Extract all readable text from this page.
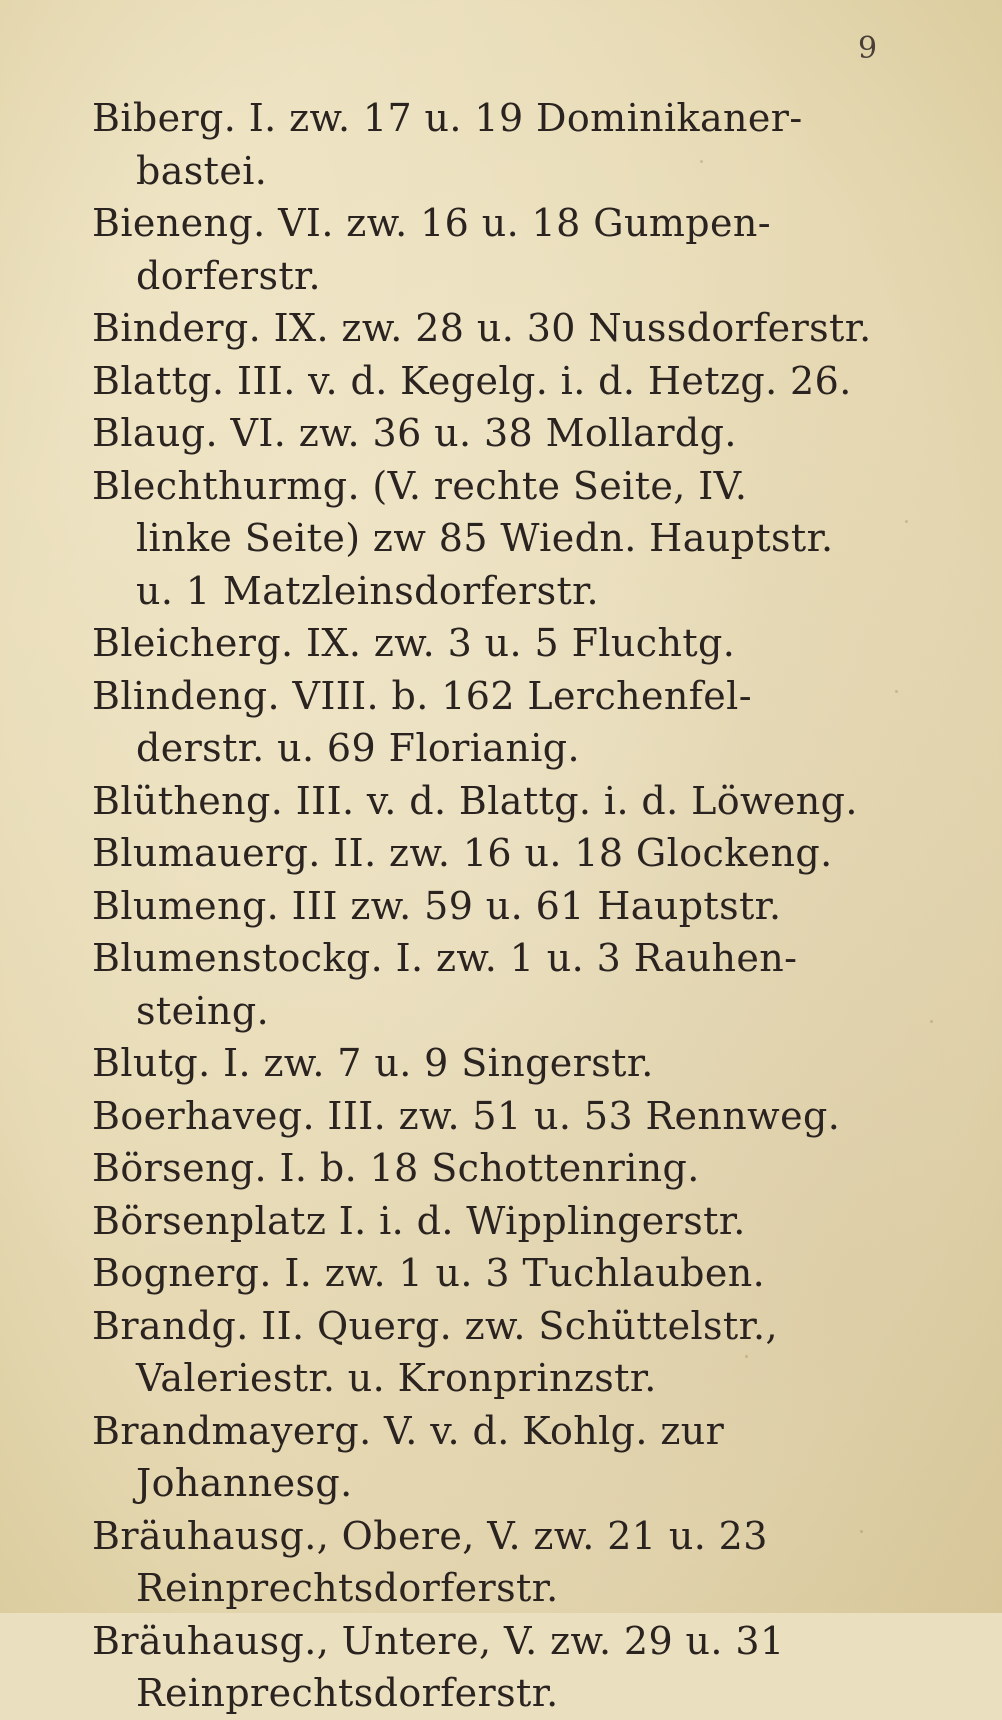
9
Biberg. I. zw. 17 u. 19 Dominikaner-
bastei.
Bieneng. VI. zw. 16 u. 18 Gumpen-
dorferstr.
Binderg. IX. zw. 28 u. 30 Nussdorferstr.
Blattg. III. v. d. Kegelg. i. d. Hetzg. 26.
Blaug. VI. zw. 36 u. 38 Mollardg.
Blechthurmg. (V. rechte Seite, IV.
linke Seite) zw 85 Wiedn. Hauptstr.
u. 1 Matzleinsdorferstr.
Bleicherg. IX. zw. 3 u. 5 Fluchtg.
Blindeng. VIII. b. 162 Lerchenfel-
derstr. u. 69 Florianig.
Blütheng. III. v. d. Blattg. i. d. Löweng.
Blumauerg. II. zw. 16 u. 18 Glockeng.
Blumeng. III zw. 59 u. 61 Hauptstr.
Blumenstockg. I. zw. 1 u. 3 Rauhen-
steing.
Blutg. I. zw. 7 u. 9 Singerstr.
Boerhaveg. III. zw. 51 u. 53 Rennweg.
Börseng. I. b. 18 Schottenring.
Börsenplatz I. i. d. Wipplingerstr.
Bognerg. I. zw. 1 u. 3 Tuchlauben.
Brandg. II. Querg. zw. Schüttelstr.,
Valeriestr. u. Kronprinzstr.
Brandmayerg. V. v. d. Kohlg. zur
Johannesg.
Bräuhausg., Obere, V. zw. 21 u. 23
Reinprechtsdorferstr.
Bräuhausg., Untere, V. zw. 29 u. 31
Reinprechtsdorferstr.
